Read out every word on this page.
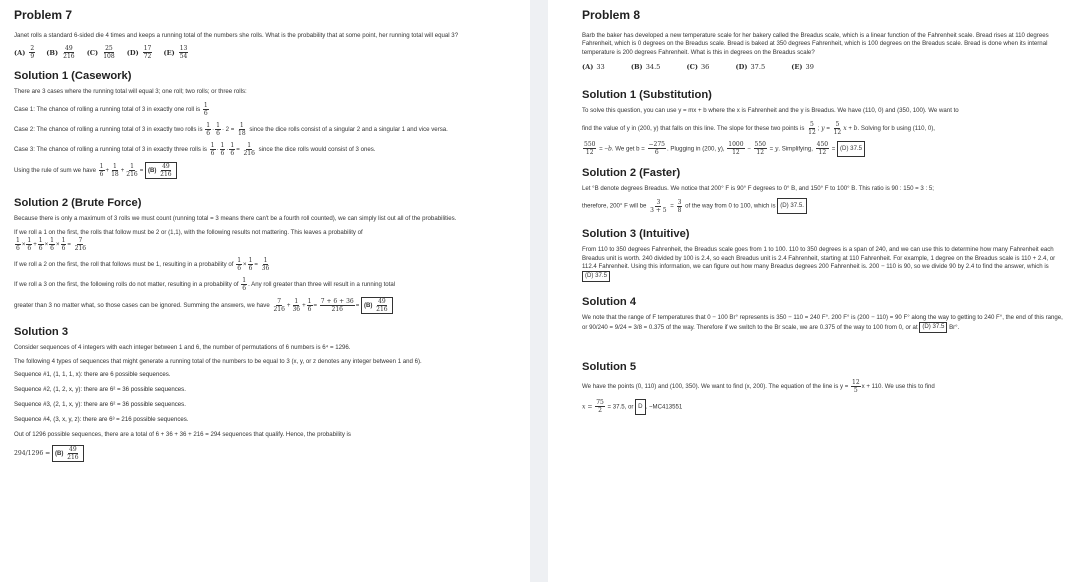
Problem 7

Janet rolls a standard 6-sided die 4 times and keeps a running total of the numbers she rolls. What is the probability that at some point, her running total will equal 3?

$(A) \frac{2}{9} (B) \frac{49}{216} (C) \frac{25}{108} (D) \frac{17}{72} (E) \frac{13}{54}$
Solution 1 (Casework)

There are 3 cases where the running total will equal 3; one roll; two rolls; or three rolls:

Case 1: The chance of rolling a running total of 3 in exactly one roll is $\frac{1}{6}$

Case 2: The chance of rolling a running total of 3 in exactly two rolls is $\frac{1}{6} \cdot \frac{1}{6} \cdot 2 = \frac{1}{18}$ since the dice rolls consist of a singular 2 and a singular 1 and vice versa.

Case 3: The chance of rolling a running total of 3 in exactly three rolls is $\frac{1}{6} \cdot \frac{1}{6} \cdot \frac{1}{6} = \frac{1}{216}$ since the dice rolls would consist of 3 ones.

Using the rule of sum we have $\frac{1}{6} + \frac{1}{18} + \frac{1}{216} = (B) \frac{49}{216}$

Solution 2 (Brute Force)

Because there is only a maximum of 3 rolls we must count (running total = 3 means there can't be a fourth roll counted), we can simply list out all of the probabilities.

If we roll a 1 on the first, the rolls that follow must be 2 or (1,1), with the following results not mattering. This leaves a probability of

$\frac{1}{6} \times \frac{1}{6} + \frac{1}{6} \times \frac{1}{6} \times \frac{1}{6} = \frac{7}{216}$

If we roll a 2 on the first, the roll that follows must be 1, resulting in a probability of $\frac{1}{6} \times \frac{1}{6} = \frac{1}{36}$

If we roll a 3 on the first, the following rolls do not matter, resulting in a probability of $\frac{1}{6}$ . Any roll greater than three will result in a running total

greater than 3 no matter what, so those cases can be ignored. Summing the answers, we have $\frac{7}{216} + \frac{1}{36} + \frac{1}{6} = \frac{7 + 6 + 36}{216} = (B) \frac{49}{216}$

Solution 3

Consider sequences of 4 integers with each integer between 1 and 6, the number of permutations of 6 numbers is 6⁴ = 1296.

The following 4 types of sequences that might generate a running total of the numbers to be equal to 3 (x, y, or z denotes any integer between 1 and 6).

Sequence #1, (1, 1, 1, x): there are 6 possible sequences.
Sequence #2, (1, 2, x, y): there are 6² = 36 possible sequences.
Sequence #3, (2, 1, x, y): there are 6² = 36 possible sequences.
Sequence #4, (3, x, y, z): there are 6³ = 216 possible sequences.

Out of 1296 possible sequences, there are a total of 6 + 36 + 36 + 216 = 294 sequences that qualify. Hence, the probability is

$294/1296 = (B) \frac{49}{216}$

Problem 8

Barb the baker has developed a new temperature scale for her bakery called the Breadus scale, which is a linear function of the Fahrenheit scale. Bread rises at 110 degrees Fahrenheit, which is 0 degrees on the Breadus scale. Bread is baked at 350 degrees Fahrenheit, which is 100 degrees on the Breadus scale. Bread is done when its internal temperature is 200 degrees Fahrenheit. What is this in degrees on the Breadus scale?

(A) 33	(B) 34.5	(C) 36	(D) 37.5	(E) 39
Solution 1 (Substitution)

To solve this question, you can use y = mx + b where the x is Fahrenheit and the y is Breadus. We have (110, 0) and (350, 100). We want to

find the value of y in (200, y) that falls on this line. The slope for these two points is $\frac{5}{12}$ ; $y = \frac{5}{12}$ x + b. Solving for b using (110, 0),

$\frac{550}{12} = -b$. We get $b = \frac{-275}{6}$ . Plugging in (200, y), $\frac{1000}{12} - \frac{550}{12} = y$. Simplifying, $\frac{450}{12} = (D)$ 37.5

Solution 2 (Faster)

Let °B denote degrees Breadus. We notice that 200° F is 90° F degrees to 0° B, and 150° F to 100° B. This ratio is 90 : 150 = 3 : 5;

therefore, 200° F will be $\frac{3}{3 + 5} = \frac{3}{8}$ of the way from 0 to 100, which is (D) 37.5.

Solution 3 (Intuitive)

From 110 to 350 degrees Fahrenheit, the Breadus scale goes from 1 to 100. 110 to 350 degrees is a span of 240, and we can use this to determine how many Fahrenheit each Breadus unit is worth. 240 divided by 100 is 2.4, so each Breadus unit is 2.4 Fahrenheit, starting at 110 Fahrenheit. For example, 1 degree on the Breadus scale is 110 + 2.4, or 112.4 Fahrenheit. Using this information, we can figure out how many Breadus degrees 200 Fahrenheit is. 200 − 110 is 90, so we divide 90 by 2.4 to find the answer, which is (D) 37.5

Solution 4

We note that the range of F temperatures that 0 − 100 Br° represents is 350 − 110 = 240 F°. 200 F° is (200 − 110) = 90 F° along the way to getting to 240 F°, the end of this range, or 90/240 = 9/24 = 3/8 = 0.375 of the way. Therefore if we switch to the Br scale, we are 0.375 of the way to 100 from 0, or at (D) 37.5 Br°.

Solution 5

We have the points (0, 110) and (100, 350). We want to find (x, 200). The equation of the line is $y = \frac{12}{5}$ x + 110. We use this to find

$x = \frac{75}{2} = 37.5$, or D . ~MC413551
